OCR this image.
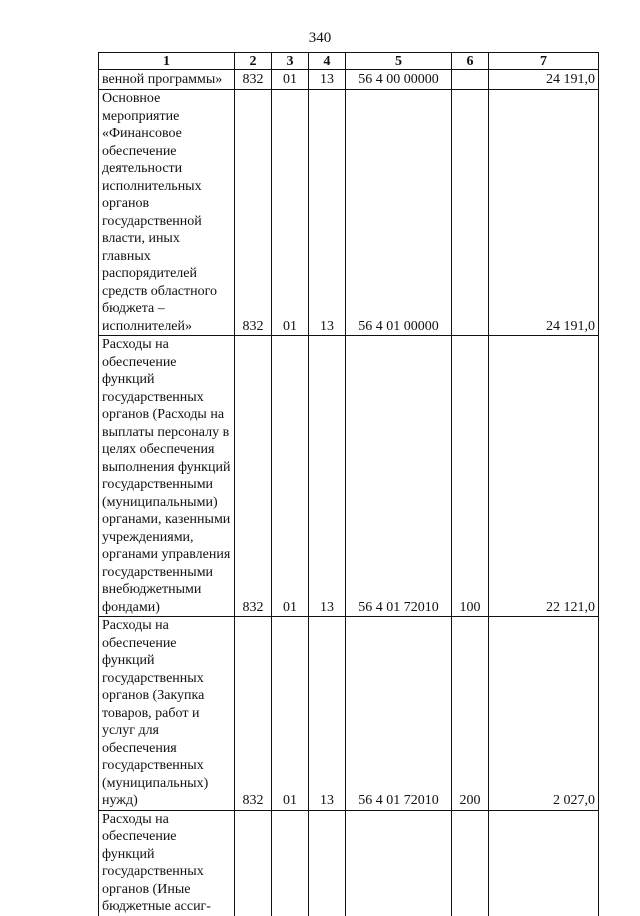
340
1	2	3	4	5	6	7
венной программы»	832	01	13	56 4 00 00000		24 191,0
Основное мероприятие «Финансовое обеспечение деятельности исполнительных органов государственной власти, иных главных распорядителей средств областного бюджета – исполнителей»	832	01	13	56 4 01 00000		24 191,0
Расходы на обеспечение функций государственных органов (Расходы на выплаты персоналу в целях обеспечения выполнения функций государственными (муниципальными) органами, казенными учреждениями, органами управления государственными внебюджетными фондами)	832	01	13	56 4 01 72010	100	22 121,0
Расходы на обеспечение функций государственных органов (Закупка товаров, работ и услуг для обеспечения государственных (муниципальных) нужд)	832	01	13	56 4 01 72010	200	2 027,0
Расходы на обеспечение функций государственных органов (Иные бюджетные ассиг-						
